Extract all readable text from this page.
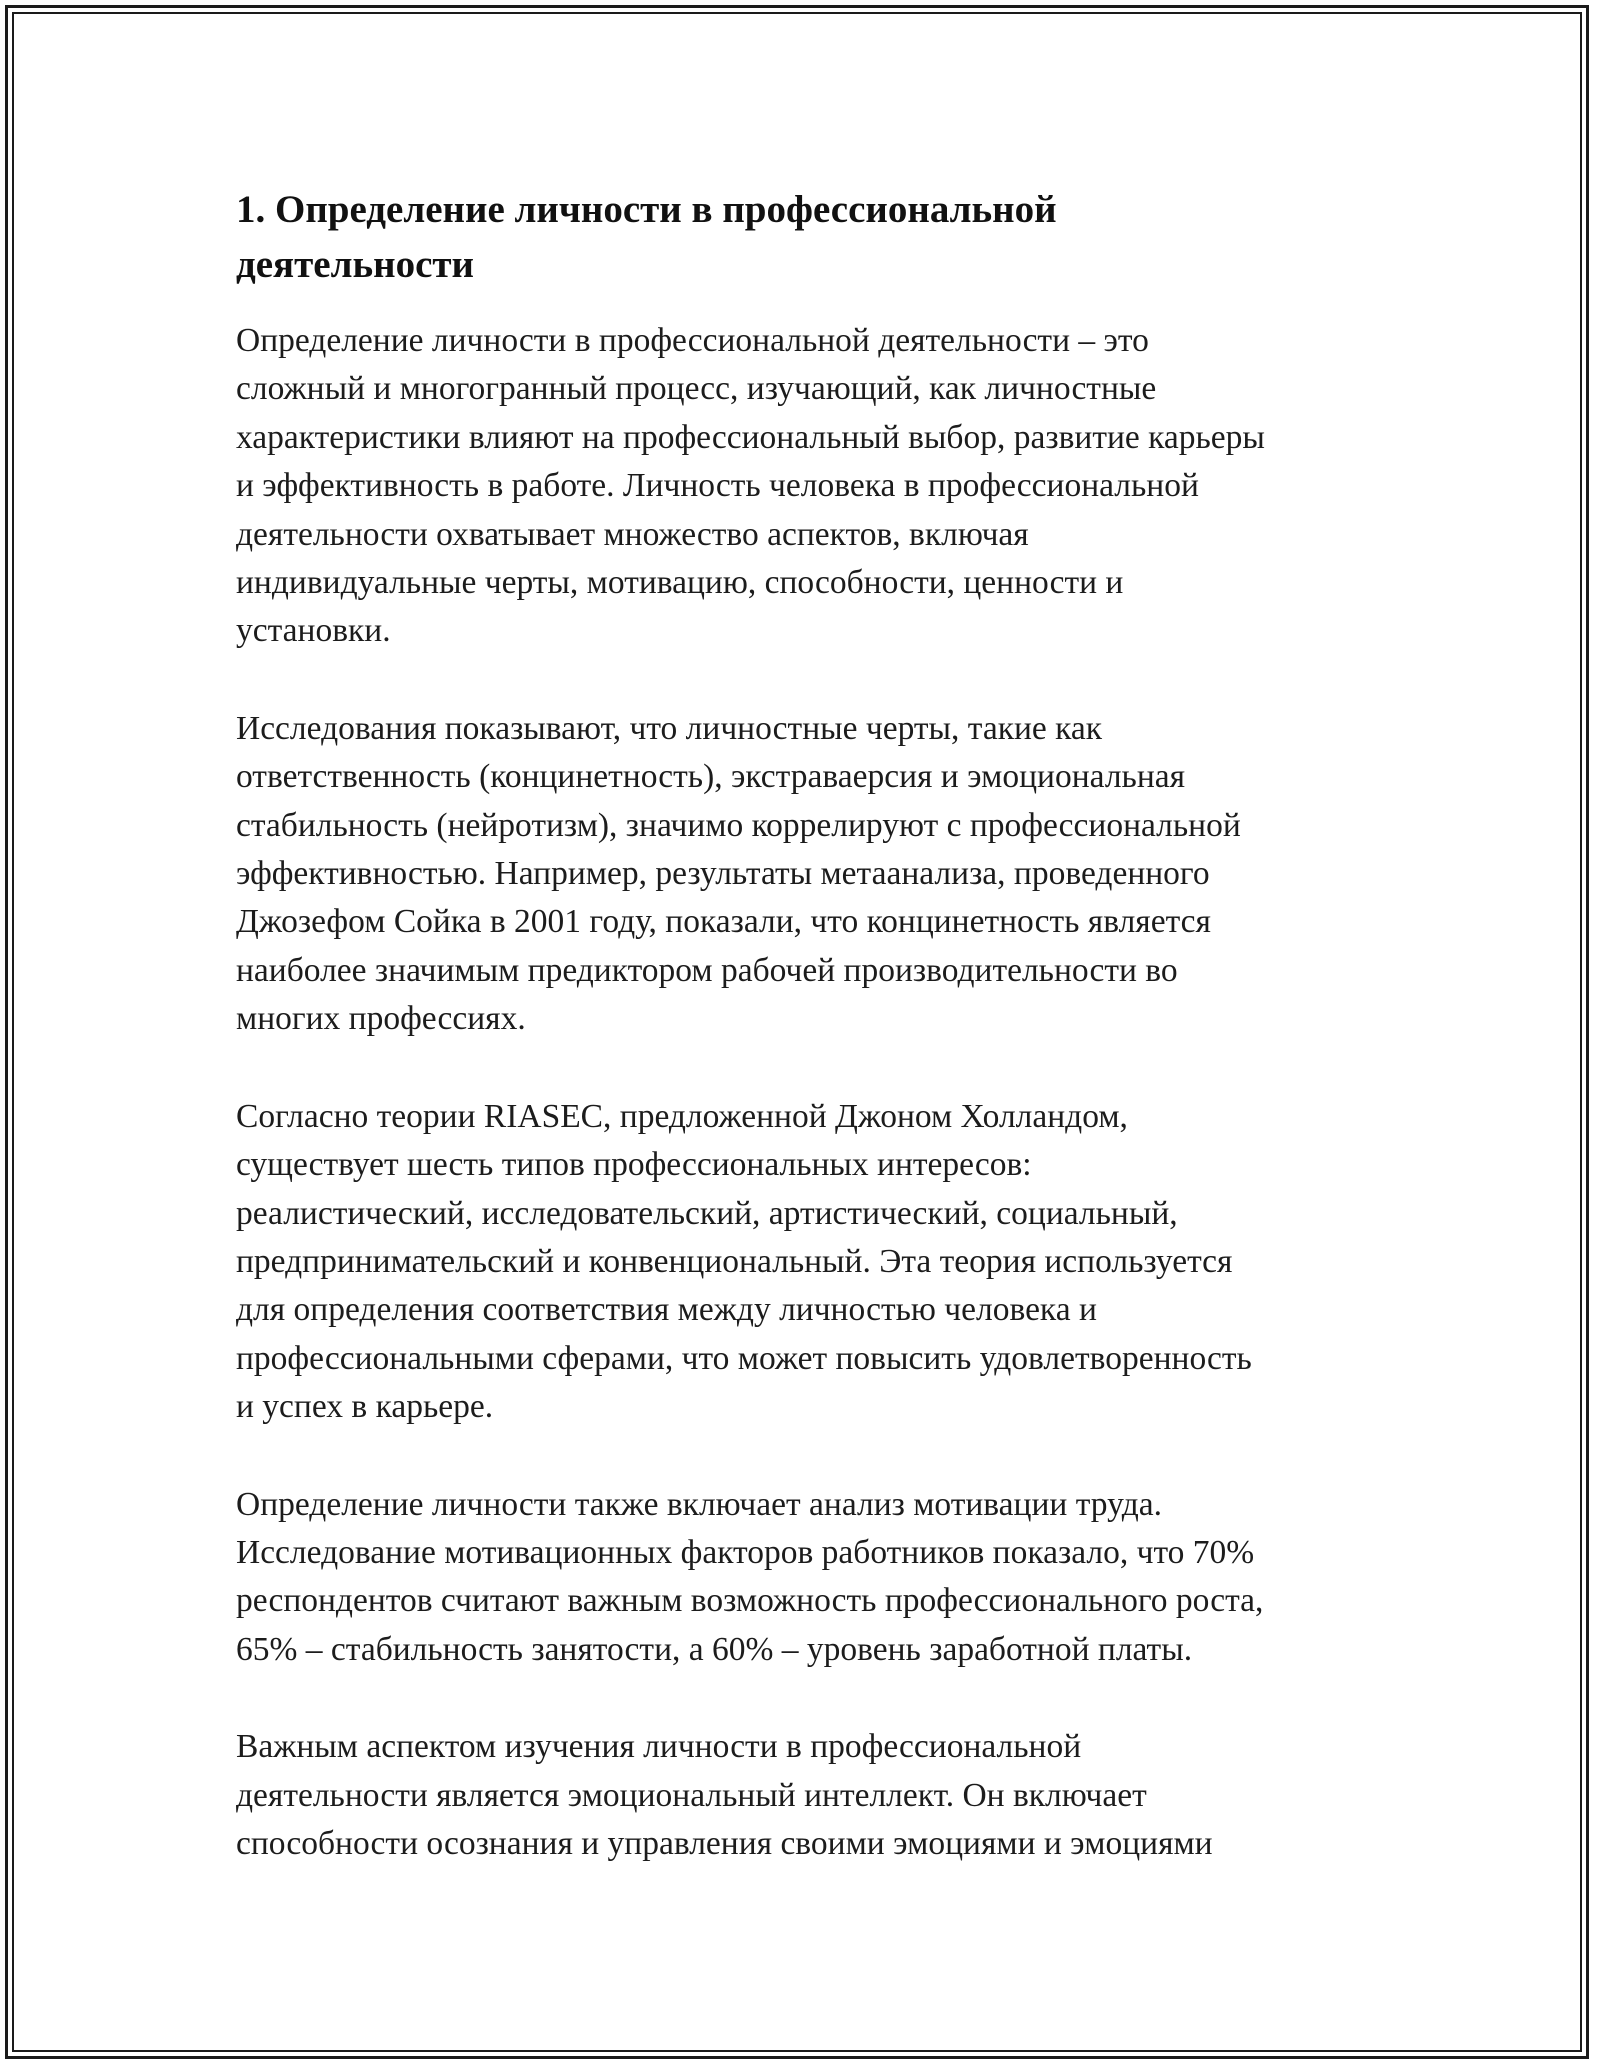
1. Определение личности в профессиональной
деятельности
Определение личности в профессиональной деятельности – это
сложный и многогранный процесс, изучающий, как личностные
характеристики влияют на профессиональный выбор, развитие карьеры
и эффективность в работе. Личность человека в профессиональной
деятельности охватывает множество аспектов, включая
индивидуальные черты, мотивацию, способности, ценности и
установки.
Исследования показывают, что личностные черты, такие как
ответственность (концинетность), экстраваерсия и эмоциональная
стабильность (нейротизм), значимо коррелируют с профессиональной
эффективностью. Например, результаты метаанализа, проведенного
Джозефом Сойка в 2001 году, показали, что концинетность является
наиболее значимым предиктором рабочей производительности во
многих профессиях.
Согласно теории RIASEC, предложенной Джоном Холландом,
существует шесть типов профессиональных интересов:
реалистический, исследовательский, артистический, социальный,
предпринимательский и конвенциональный. Эта теория используется
для определения соответствия между личностью человека и
профессиональными сферами, что может повысить удовлетворенность
и успех в карьере.
Определение личности также включает анализ мотивации труда.
Исследование мотивационных факторов работников показало, что 70%
респондентов считают важным возможность профессионального роста,
65% – стабильность занятости, а 60% – уровень заработной платы.
Важным аспектом изучения личности в профессиональной
деятельности является эмоциональный интеллект. Он включает
способности осознания и управления своими эмоциями и эмоциями
